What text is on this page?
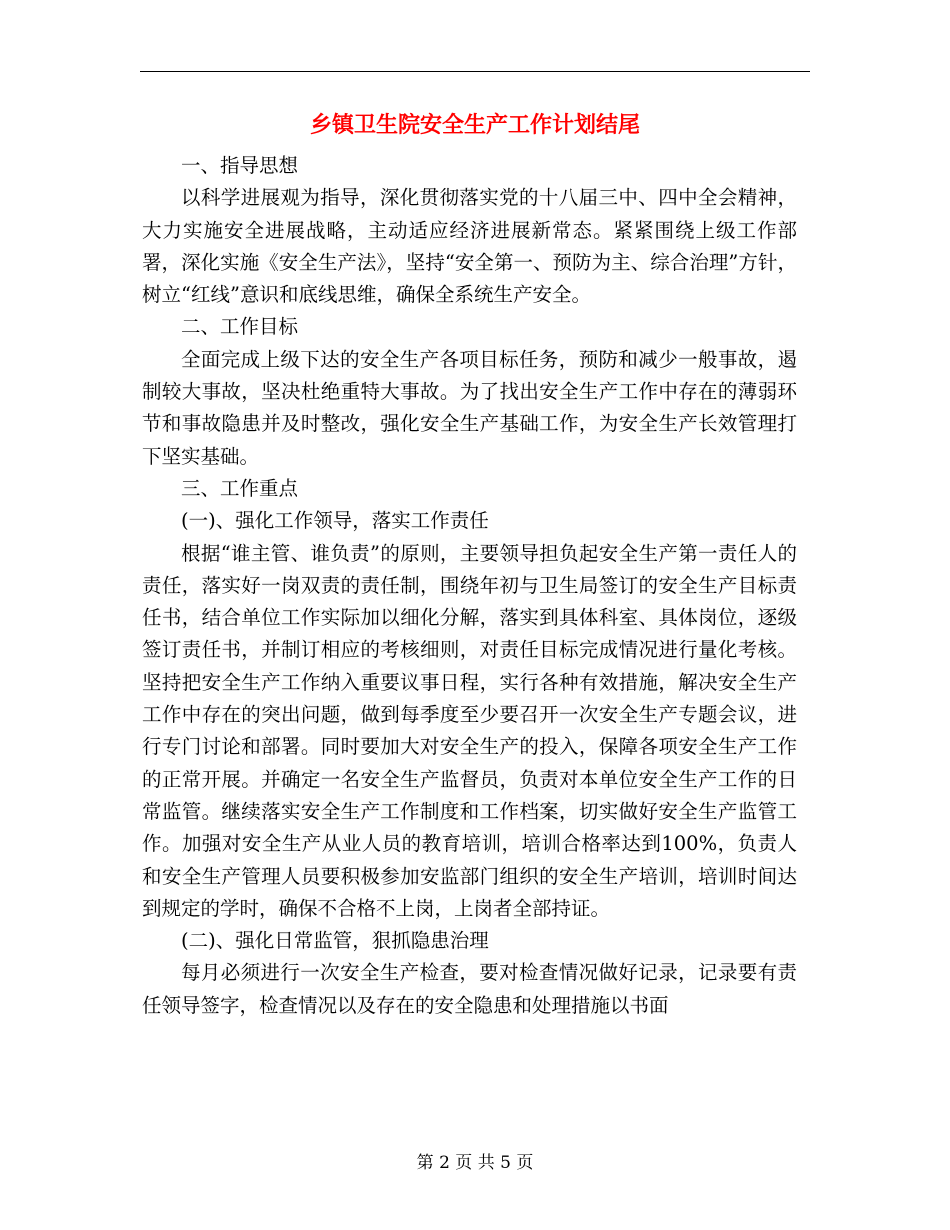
乡镇卫生院安全生产工作计划结尾

一、指导思想

以科学进展观为指导，深化贯彻落实党的十八届三中、四中全会精神，大力实施安全进展战略，主动适应经济进展新常态。紧紧围绕上级工作部署，深化实施《安全生产法》，坚持“安全第一、预防为主、综合治理”方针，树立“红线”意识和底线思维，确保全系统生产安全。

二、工作目标

全面完成上级下达的安全生产各项目标任务，预防和减少一般事故，遏制较大事故，坚决杜绝重特大事故。为了找出安全生产工作中存在的薄弱环节和事故隐患并及时整改，强化安全生产基础工作，为安全生产长效管理打下坚实基础。

三、工作重点

(一)、强化工作领导，落实工作责任

根据“谁主管、谁负责”的原则，主要领导担负起安全生产第一责任人的责任，落实好一岗双责的责任制，围绕年初与卫生局签订的安全生产目标责任书，结合单位工作实际加以细化分解，落实到具体科室、具体岗位，逐级签订责任书，并制订相应的考核细则，对责任目标完成情况进行量化考核。坚持把安全生产工作纳入重要议事日程，实行各种有效措施，解决安全生产工作中存在的突出问题，做到每季度至少要召开一次安全生产专题会议，进行专门讨论和部署。同时要加大对安全生产的投入，保障各项安全生产工作的正常开展。并确定一名安全生产监督员，负责对本单位安全生产工作的日常监管。继续落实安全生产工作制度和工作档案，切实做好安全生产监管工作。加强对安全生产从业人员的教育培训，培训合格率达到100%，负责人和安全生产管理人员要积极参加安监部门组织的安全生产培训，培训时间达到规定的学时，确保不合格不上岗，上岗者全部持证。

(二)、强化日常监管，狠抓隐患治理

每月必须进行一次安全生产检查，要对检查情况做好记录，记录要有责任领导签字，检查情况以及存在的安全隐患和处理措施以书面

第 2 页 共 5 页
